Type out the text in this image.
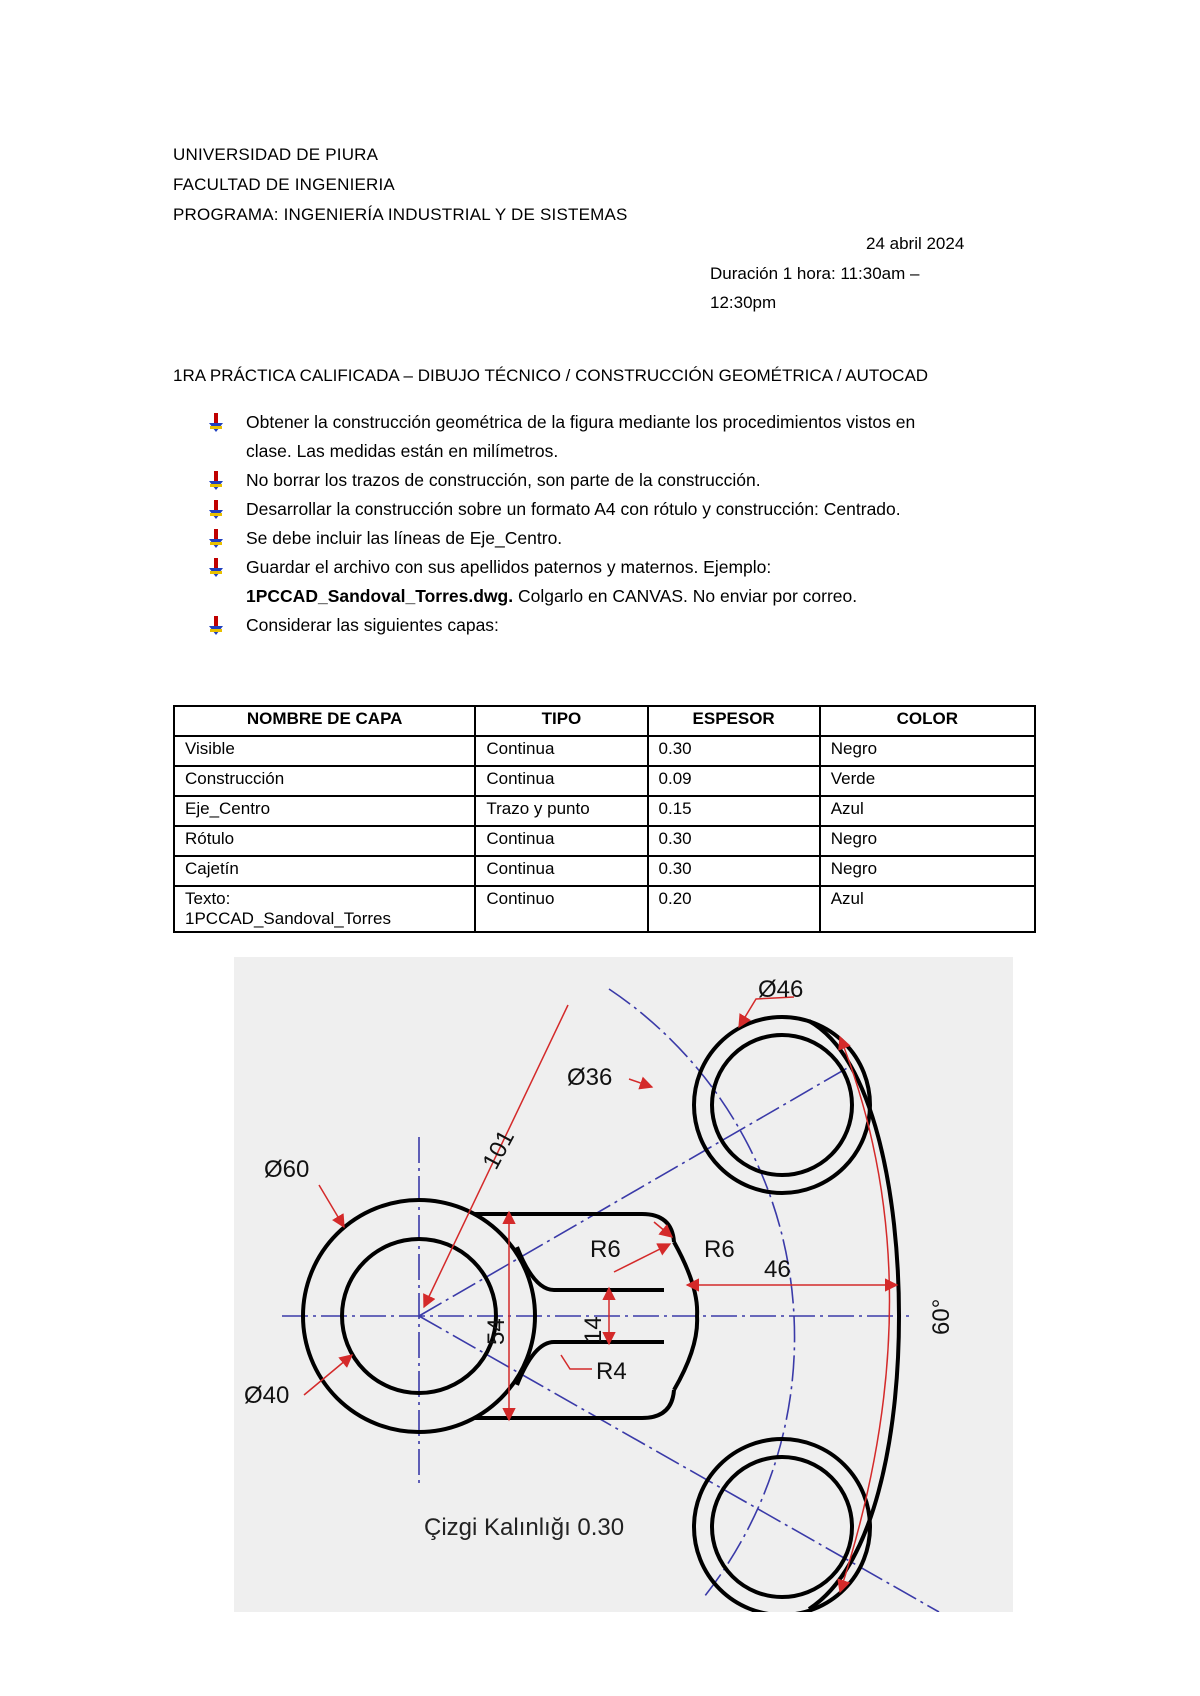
UNIVERSIDAD DE PIURA
FACULTAD DE INGENIERIA
PROGRAMA: INGENIERÍA INDUSTRIAL Y DE SISTEMAS
24 abril 2024
Duración 1 hora: 11:30am –
12:30pm
1RA PRÁCTICA CALIFICADA – DIBUJO TÉCNICO / CONSTRUCCIÓN GEOMÉTRICA / AUTOCAD
Obtener la construcción geométrica de la figura mediante los procedimientos vistos en
clase. Las medidas están en milímetros.
No borrar los trazos de construcción, son parte de la construcción.
Desarrollar la construcción sobre un formato A4 con rótulo y construcción: Centrado.
Se debe incluir las líneas de Eje_Centro.
Guardar el archivo con sus apellidos paternos y maternos. Ejemplo:
1PCCAD_Sandoval_Torres.dwg. Colgarlo en CANVAS. No enviar por correo.
Considerar las siguientes capas:
NOMBRE DE CAPA	TIPO	ESPESOR	COLOR
Visible	Continua	0.30	Negro
Construcción	Continua	0.09	Verde
Eje_Centro	Trazo y punto	0.15	Azul
Rótulo	Continua	0.30	Negro
Cajetín	Continua	0.30	Negro
Texto:
1PCCAD_Sandoval_Torres	Continuo	0.20	Azul
Ø46
Ø36
101
Ø60
R6	R6
46
54	14	60°
R4
Ø40
Çizgi Kalınlığı 0.30
